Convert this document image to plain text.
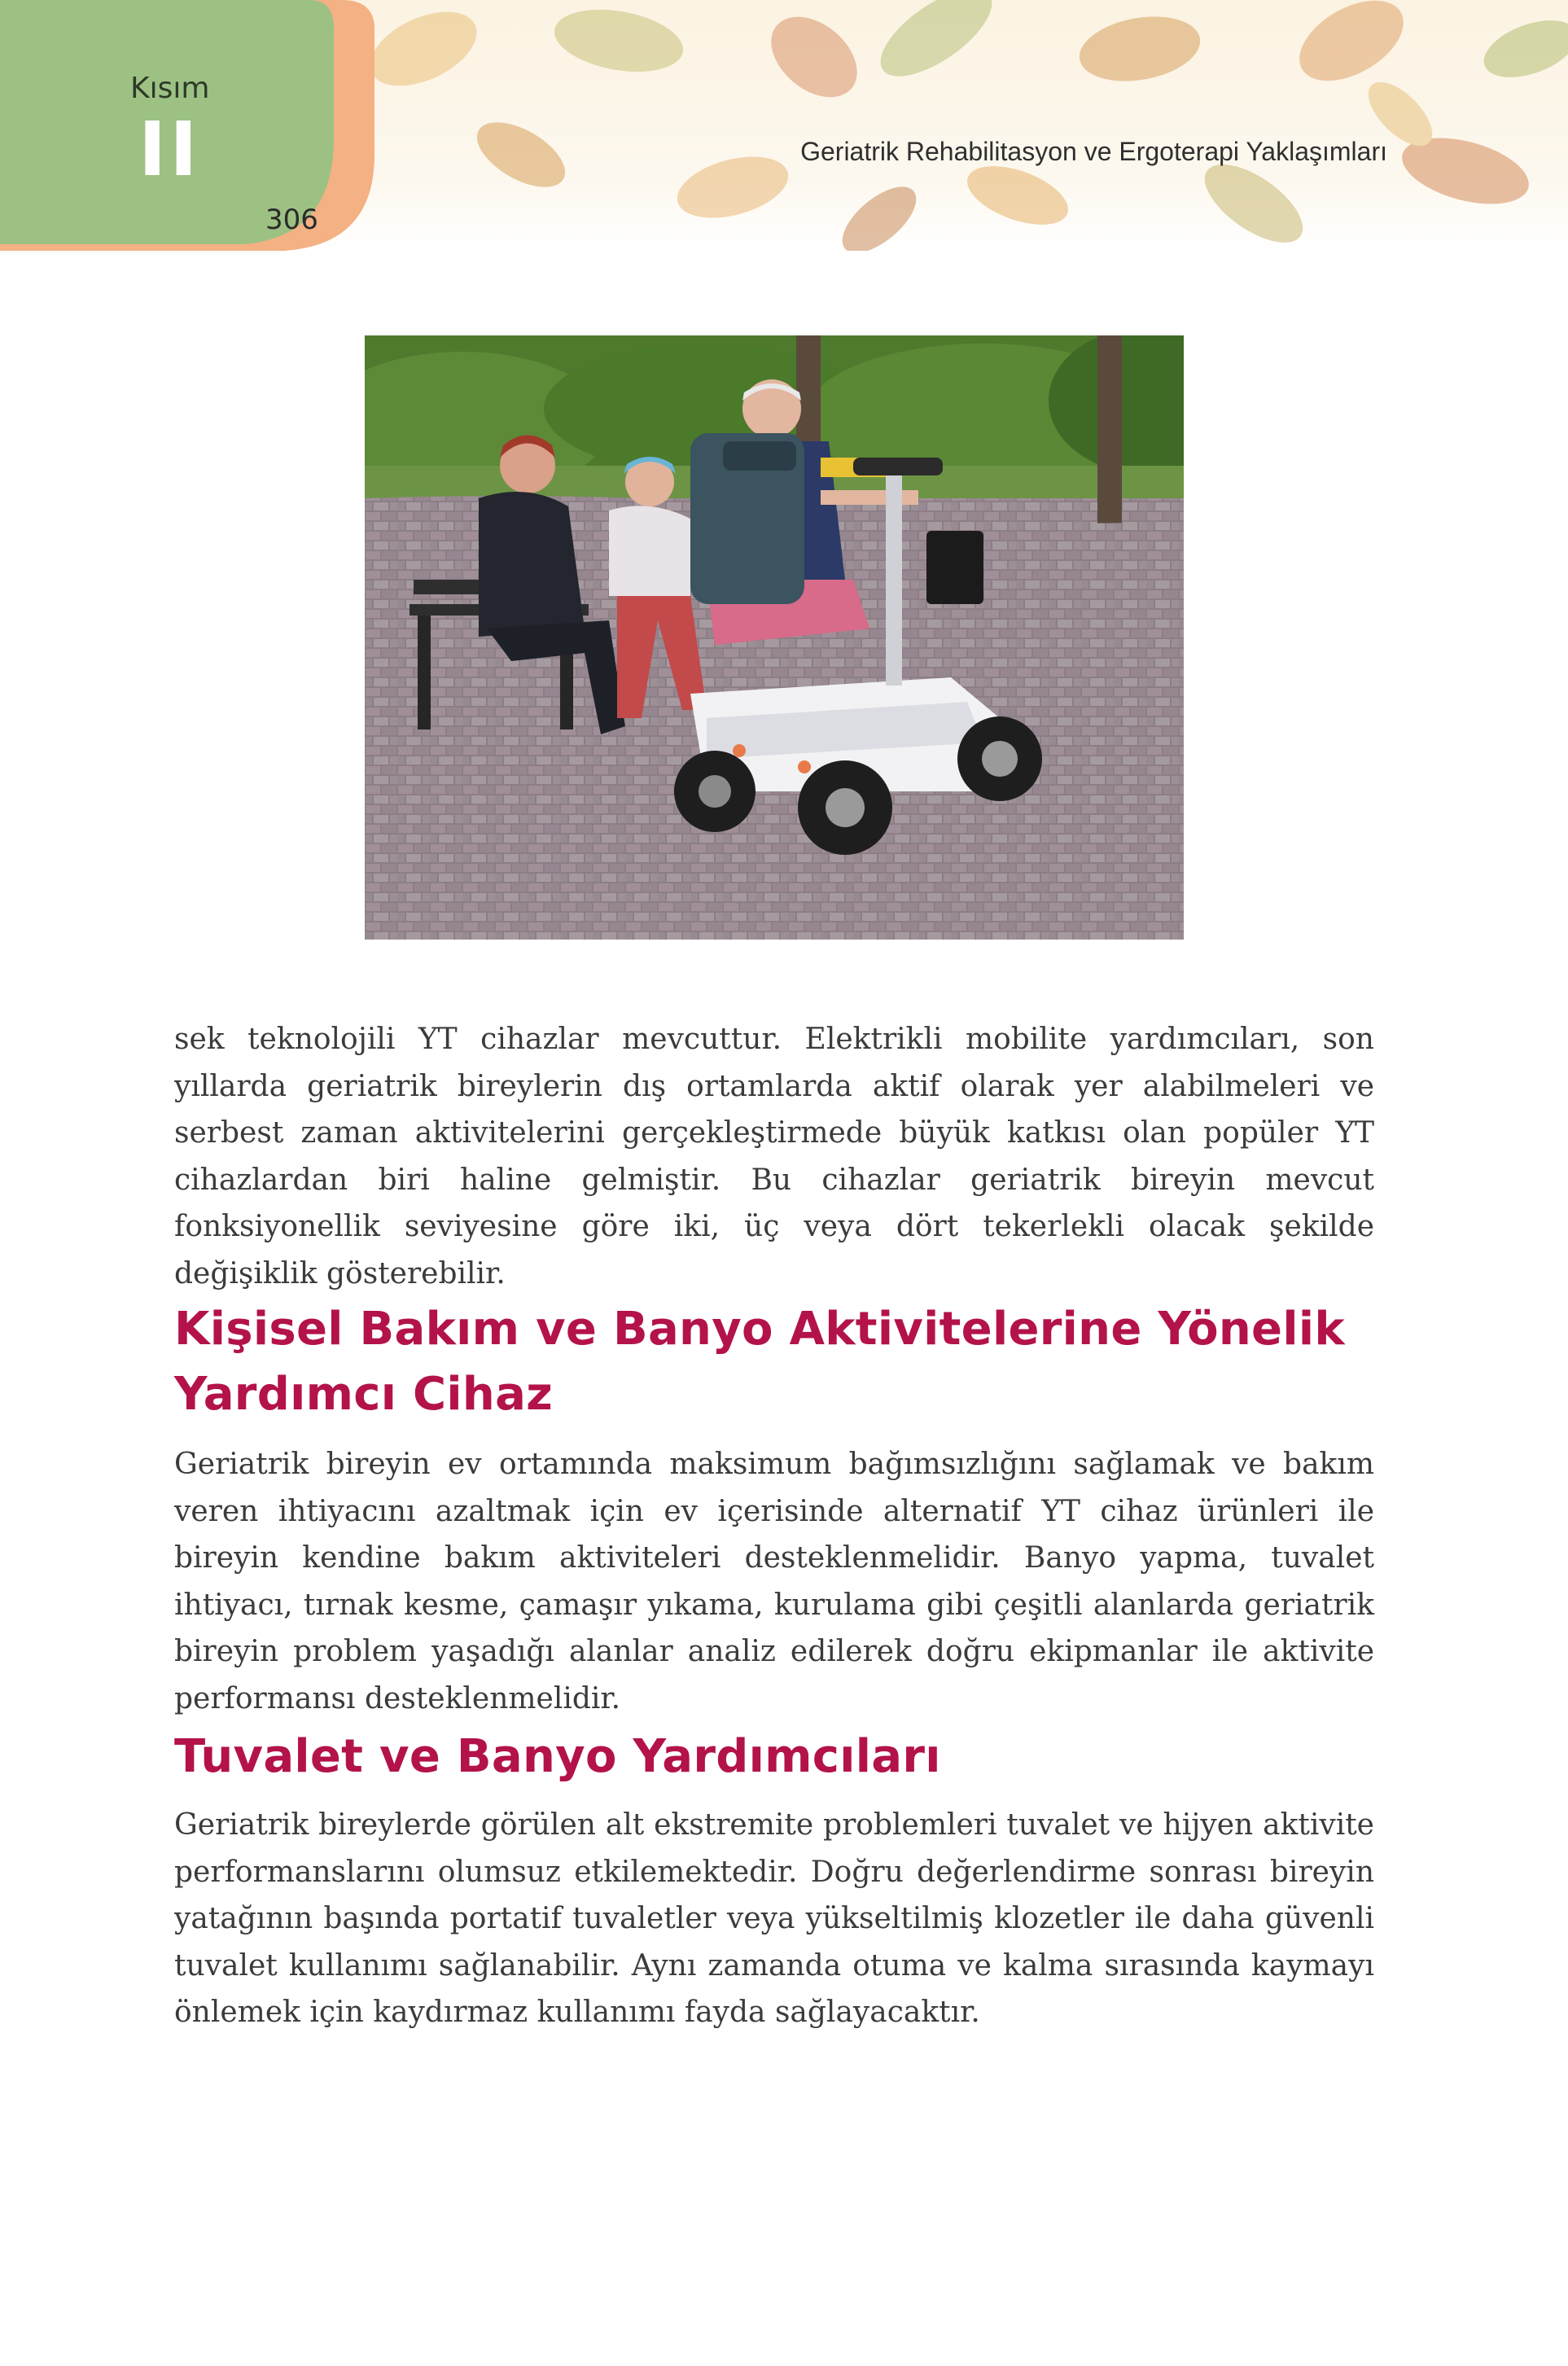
Kısım
II
306
Geriatrik Rehabilitasyon ve Ergoterapi Yaklaşımları

sek teknolojili YT cihazlar mevcuttur. Elektrikli mobilite yardımcıları, son yıllarda geriatrik bireylerin dış ortamlarda aktif olarak yer alabilmeleri ve serbest zaman aktivitelerini gerçekleştirmede büyük katkısı olan popüler YT cihazlardan biri haline gelmiştir. Bu cihazlar geriatrik bireyin mevcut fonksiyonellik seviyesine göre iki, üç veya dört tekerlekli olacak şekilde değişiklik gösterebilir.

Kişisel Bakım ve Banyo Aktivitelerine Yönelik Yardımcı Cihaz

Geriatrik bireyin ev ortamında maksimum bağımsızlığını sağlamak ve bakım veren ihtiyacını azaltmak için ev içerisinde alternatif YT cihaz ürünleri ile bireyin kendine bakım aktiviteleri desteklenmelidir. Banyo yapma, tuvalet ihtiyacı, tırnak kesme, çamaşır yıkama, kurulama gibi çeşitli alanlarda geriatrik bireyin problem yaşadığı alanlar analiz edilerek doğru ekipmanlar ile aktivite performansı desteklenmelidir.

Tuvalet ve Banyo Yardımcıları

Geriatrik bireylerde görülen alt ekstremite problemleri tuvalet ve hijyen aktivite performanslarını olumsuz etkilemektedir. Doğru değerlendirme sonrası bireyin yatağının başında portatif tuvaletler veya yükseltilmiş klozetler ile daha güvenli tuvalet kullanımı sağlanabilir. Aynı zamanda otuma ve kalma sırasında kaymayı önlemek için kaydırmaz kullanımı fayda sağlayacaktır.
